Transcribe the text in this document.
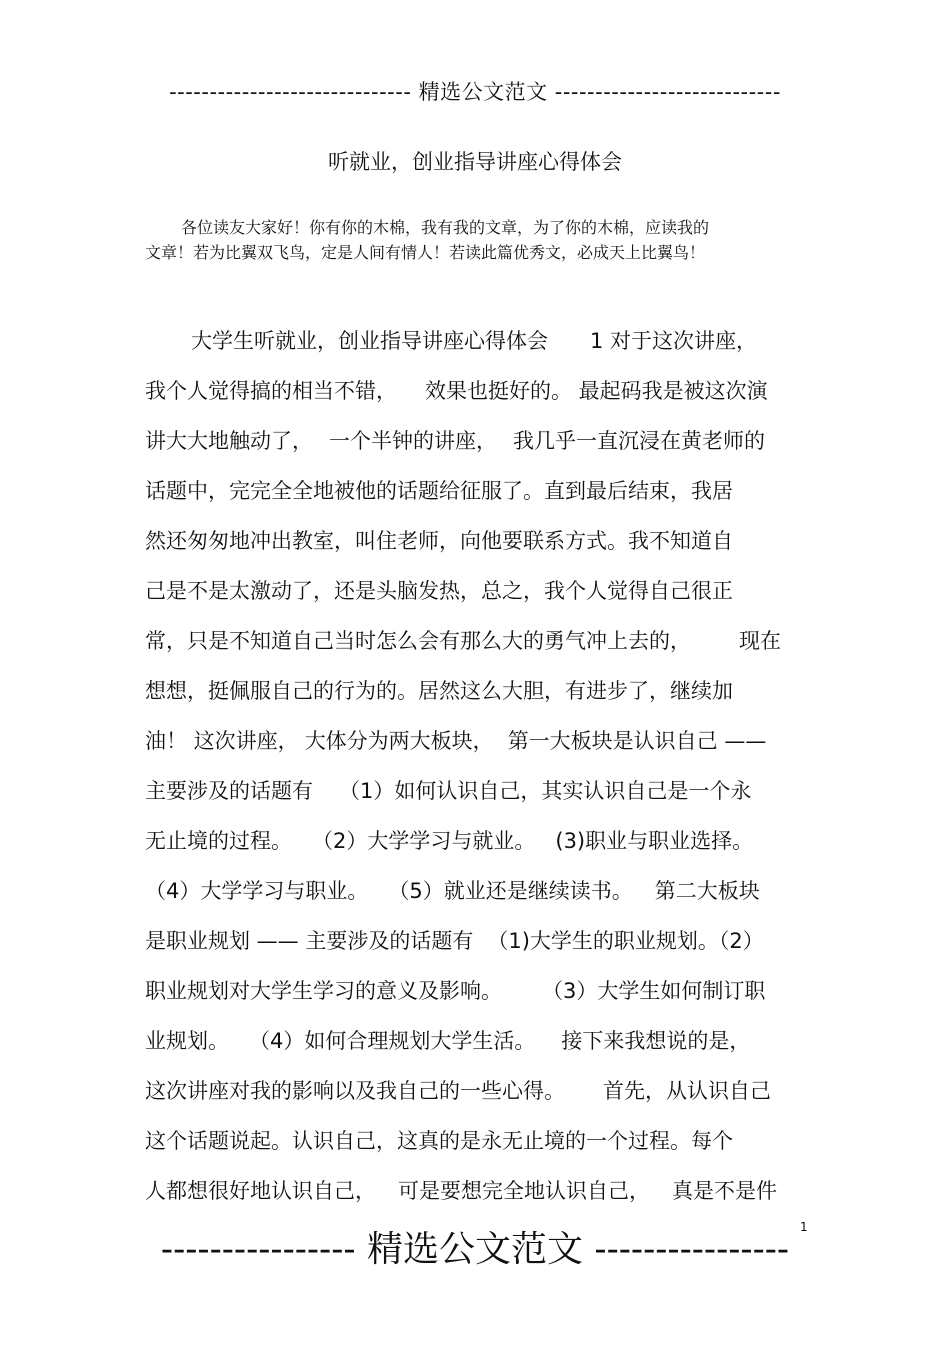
------------------------------ 精选公文范文 ----------------------------
听就业，创业指导讲座心得体会
各位读友大家好！你有你的木棉，我有我的文章，为了你的木棉，应读我的
文章！若为比翼双飞鸟，定是人间有情人！若读此篇优秀文，必成天上比翼鸟！
大学生听就业，创业指导讲座心得体会 1 对于这次讲座，
我个人觉得搞的相当不错， 效果也挺好的。 最起码我是被这次演
讲大大地触动了， 一个半钟的讲座， 我几乎一直沉浸在黄老师的
话题中，完完全全地被他的话题给征服了。直到最后结束，我居
然还匆匆地冲出教室，叫住老师，向他要联系方式。我不知道自
己是不是太激动了，还是头脑发热，总之，我个人觉得自己很正
常，只是不知道自己当时怎么会有那么大的勇气冲上去的， 现在
想想，挺佩服自己的行为的。居然这么大胆，有进步了，继续加
油！ 这次讲座， 大体分为两大板块， 第一大板块是认识自己 ——
主要涉及的话题有 （1）如何认识自己，其实认识自己是一个永
无止境的过程。 （2）大学学习与就业。 (3)职业与职业选择。
（4）大学学习与职业。 （5）就业还是继续读书。 第二大板块
是职业规划 —— 主要涉及的话题有 （1)大学生的职业规划。（2）
职业规划对大学生学习的意义及影响。 （3）大学生如何制订职
业规划。 （4）如何合理规划大学生活。 接下来我想说的是，
这次讲座对我的影响以及我自己的一些心得。 首先，从认识自己
这个话题说起。认识自己，这真的是永无止境的一个过程。每个
人都想很好地认识自己， 可是要想完全地认识自己， 真是不是件
1
---------------- 精选公文范文 ----------------
